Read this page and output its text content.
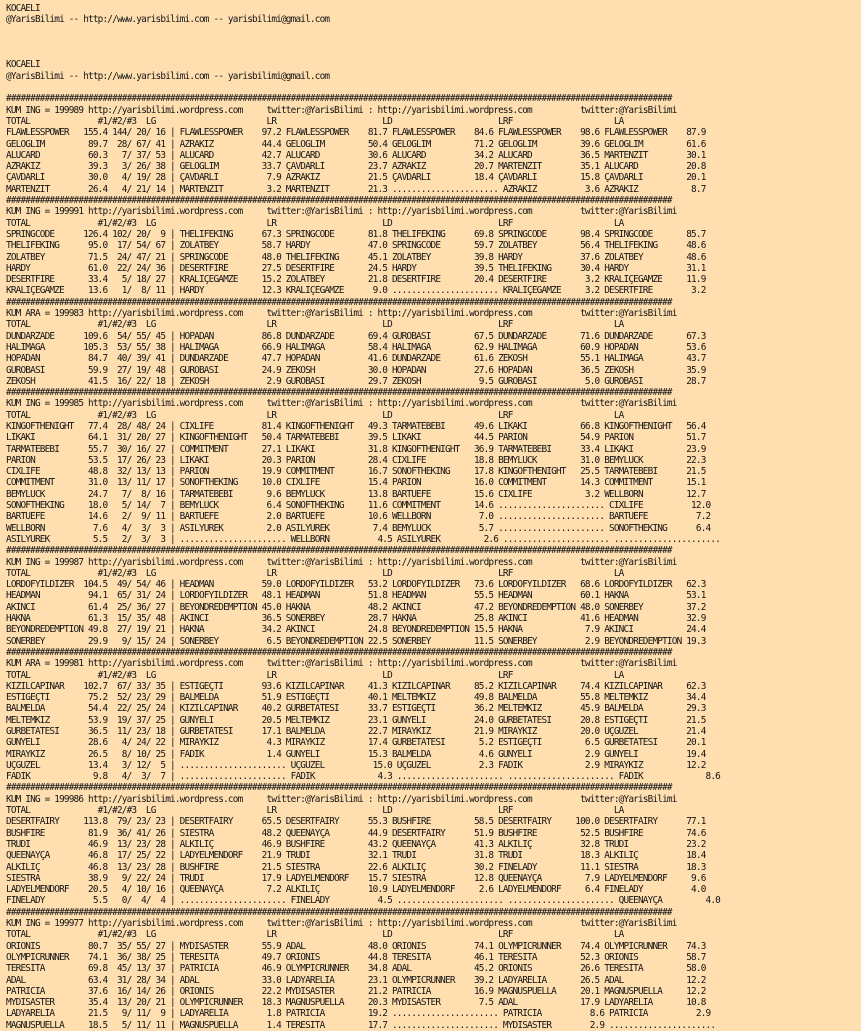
KOCAELI
@YarisBilimi -- http://www.yarisbilimi.com -- yarisbilimi@gmail.com

KOCAELI
@YarisBilimi -- http://www.yarisbilimi.com -- yarisbilimi@gmail.com

##########################################################################################################################################
KUM ING = 199989 http://yarisbilimi.wordpress.com     twitter:@YarisBilimi : http://yarisbilimi.wordpress.com          twitter:@YarisBilimi
TOTAL              #1/#2/#3  LG                       LR                      LD                      LRF                     LA
FLAWLESSPOWER   155.4 144/ 20/ 16 | FLAWLESSPOWER    97.2 FLAWLESSPOWER    81.7 FLAWLESSPOWER    84.6 FLAWLESSPOWER    98.6 FLAWLESSPOWER    87.9
GELOGLIM         89.7  28/ 67/ 41 | AZRAKIZ          44.4 GELOGLIM         50.4 GELOGLIM         71.2 GELOGLIM         39.6 GELOGLIM         61.6
ALUCARD          60.3   7/ 37/ 53 | ALUCARD          42.7 ALUCARD          30.6 ALUCARD          34.2 ALUCARD          36.5 MARTENZIT        30.1
AZRAKIZ          39.3   3/ 26/ 38 | GELOGLIM         33.7 ÇAVDARLI         23.7 AZRAKIZ          20.7 MARTENZIT        35.1 ALUCARD          20.8
ÇAVDARLI         30.0   4/ 19/ 28 | ÇAVDARLI          7.9 AZRAKIZ          21.5 ÇAVDARLI         18.4 ÇAVDARLI         15.8 ÇAVDARLI         20.1
MARTENZIT        26.4   4/ 21/ 14 | MARTENZIT         3.2 MARTENZIT        21.3 ...................... AZRAKIZ          3.6 AZRAKIZ           8.7
##########################################################################################################################################
KUM ING = 199991 http://yarisbilimi.wordpress.com     twitter:@YarisBilimi : http://yarisbilimi.wordpress.com          twitter:@YarisBilimi
TOTAL              #1/#2/#3  LG                       LR                      LD                      LRF                     LA
SPRINGCODE      126.4 102/ 20/  9 | THELIFEKING      67.3 SPRINGCODE       81.8 THELIFEKING      69.8 SPRINGCODE       98.4 SPRINGCODE       85.7
THELIFEKING      95.0  17/ 54/ 67 | ZOLATBEY         58.7 HARDY            47.0 SPRINGCODE       59.7 ZOLATBEY         56.4 THELIFEKING      48.6
ZOLATBEY         71.5  24/ 47/ 21 | SPRINGCODE       48.0 THELIFEKING      45.1 ZOLATBEY         39.8 HARDY            37.6 ZOLATBEY         48.6
HARDY            61.0  22/ 24/ 36 | DESERTFIRE       27.5 DESERTFIRE       24.5 HARDY            39.5 THELIFEKING      30.4 HARDY            31.1
DESERTFIRE       33.4   5/ 18/ 27 | KRALIÇEGAMZE     15.2 ZOLATBEY         21.8 DESERTFIRE       20.4 DESERTFIRE        3.2 KRALIÇEGAMZE     11.9
KRALIÇEGAMZE     13.6   1/  8/ 11 | HARDY            12.3 KRALIÇEGAMZE      9.0 ...................... KRALIÇEGAMZE     3.2 DESERTFIRE        3.2
##########################################################################################################################################
KUM ARA = 199983 http://yarisbilimi.wordpress.com     twitter:@YarisBilimi : http://yarisbilimi.wordpress.com          twitter:@YarisBilimi
TOTAL              #1/#2/#3  LG                       LR                      LD                      LRF                     LA
DÜNDARZADE      109.6  54/ 55/ 45 | HOPADAN          86.8 DÜNDARZADE       69.4 GÜROBASI         67.5 DÜNDARZADE       71.6 DÜNDARZADE       67.3
HALIMAGA        105.3  53/ 55/ 38 | HALIMAGA         66.9 HALIMAGA         58.4 HALIMAGA         62.9 HALIMAGA         60.9 HOPADAN          53.6
HOPADAN          84.7  40/ 39/ 41 | DÜNDARZADE       47.7 HOPADAN          41.6 DÜNDARZADE       61.6 ZEKOSH           55.1 HALIMAGA         43.7
GÜROBASI         59.9  27/ 19/ 48 | GÜROBASI         24.9 ZEKOSH           30.0 HOPADAN          27.6 HOPADAN          36.5 ZEKOSH           35.9
ZEKOSH           41.5  16/ 22/ 18 | ZEKOSH            2.9 GÜROBASI         29.7 ZEKOSH            9.5 GÜROBASI          5.0 GÜROBASI         28.7
##########################################################################################################################################
KUM ING = 199985 http://yarisbilimi.wordpress.com     twitter:@YarisBilimi : http://yarisbilimi.wordpress.com          twitter:@YarisBilimi
TOTAL              #1/#2/#3  LG                       LR                      LD                      LRF                     LA
KINGOFTHENIGHT   77.4  28/ 48/ 24 | CIXLIFE          81.4 KINGOFTHENIGHT   49.3 TARMATEBEBI      49.6 LIKAKI           66.8 KINGOFTHENIGHT   56.4
LIKAKI           64.1  31/ 20/ 27 | KINGOFTHENIGHT   50.4 TARMATEBEBI      39.5 LIKAKI           44.5 PARION           54.9 PARION           51.7
TARMATEBEBI      55.7  30/ 16/ 27 | COMMITMENT       27.1 LIKAKI           31.8 KINGOFTHENIGHT   36.9 TARMATEBEBI      33.4 LIKAKI           23.9
PARION           53.5  17/ 26/ 23 | LIKAKI           20.3 PARION           28.4 CIXLIFE          18.8 BEMYLUCK         31.0 BEMYLUCK         22.3
CIXLIFE          48.8  32/ 13/ 13 | PARION           19.9 COMMITMENT       16.7 SONOFTHEKING     17.8 KINGOFTHENIGHT   25.5 TARMATEBEBI      21.5
COMMITMENT       31.0  13/ 11/ 17 | SONOFTHEKING     10.0 CIXLIFE          15.4 PARION           16.0 COMMITMENT       14.3 COMMITMENT       15.1
BEMYLUCK         24.7   7/  8/ 16 | TARMATEBEBI       9.6 BEMYLUCK         13.8 BARTUEFE         15.6 CIXLIFE           3.2 WELLBORN         12.7
SONOFTHEKING     18.0   5/ 14/  7 | BEMYLUCK          6.4 SONOFTHEKING     11.6 COMMITMENT       14.6 ...................... CIXLIFE          12.0
BARTUEFE         14.6   2/  9/ 11 | BARTUEFE          2.0 BARTUEFE         10.6 WELLBORN          7.0 ...................... BARTUEFE          7.2
WELLBORN          7.6   4/  3/  3 | ASILYÜREK         2.0 ASILYÜREK         7.4 BEMYLUCK          5.7 ...................... SONOFTHEKING      6.4
ASILYÜREK         5.5   2/  3/  3 | ...................... WELLBORN          4.5 ASILYÜREK         2.6 ...................... ......................
##########################################################################################################################################
KUM ING = 199987 http://yarisbilimi.wordpress.com     twitter:@YarisBilimi : http://yarisbilimi.wordpress.com          twitter:@YarisBilimi
TOTAL              #1/#2/#3  LG                       LR                      LD                      LRF                     LA
LORDOFYILDIZER  104.5  49/ 54/ 46 | HEADMAN          59.0 LORDOFYILDIZER   53.2 LORDOFYILDIZER   73.6 LORDOFYILDIZER   68.6 LORDOFYILDIZER   62.3
HEADMAN          94.1  65/ 31/ 24 | LORDOFYILDIZER   48.1 HEADMAN          51.8 HEADMAN          55.5 HEADMAN          60.1 HAKNA            53.1
AKINCI           61.4  25/ 36/ 27 | BEYONDREDEMPTION 45.0 HAKNA            48.2 AKINCI           47.2 BEYONDREDEMPTION 48.0 SONERBEY         37.2
HAKNA            61.3  15/ 35/ 48 | AKINCI           36.5 SONERBEY         28.7 HAKNA            25.8 AKINCI           41.6 HEADMAN          32.9
BEYONDREDEMPTION 49.8  27/ 19/ 21 | HAKNA            34.2 AKINCI           24.8 BEYONDREDEMPTION 15.5 HAKNA             7.9 AKINCI           24.4
SONERBEY         29.9   9/ 15/ 24 | SONERBEY          6.5 BEYONDREDEMPTION 22.5 SONERBEY         11.5 SONERBEY          2.9 BEYONDREDEMPTION 19.3
##########################################################################################################################################
KUM ARA = 199981 http://yarisbilimi.wordpress.com     twitter:@YarisBilimi : http://yarisbilimi.wordpress.com          twitter:@YarisBilimi
TOTAL              #1/#2/#3  LG                       LR                      LD                      LRF                     LA
KIZILCAPINAR    102.7  67/ 33/ 35 | ESTIGEÇTI        93.6 KIZILCAPINAR     41.3 KIZILCAPINAR     85.2 KIZILCAPINAR     74.4 KIZILCAPINAR     62.3
ESTIGEÇTI        75.2  52/ 23/ 29 | BALMELDA         51.9 ESTIGEÇTI        40.1 MELTEMKIZ        49.8 BALMELDA         55.8 MELTEMKIZ        34.4
BALMELDA         54.4  22/ 25/ 24 | KIZILCAPINAR     40.2 GURBETATESI      33.7 ESTIGEÇTI        36.2 MELTEMKIZ        45.9 BALMELDA         29.3
MELTEMKIZ        53.9  19/ 37/ 25 | GÜNYELI          20.5 MELTEMKIZ        23.1 GÜNYELI          24.0 GURBETATESI      20.8 ESTIGEÇTI        21.5
GURBETATESI      36.5  11/ 23/ 18 | GURBETATESI      17.1 BALMELDA         22.7 MIRAYKIZ         21.9 MIRAYKIZ         20.0 ÜÇGÜZEL          21.4
GÜNYELI          28.6   4/ 24/ 22 | MIRAYKIZ          4.3 MIRAYKIZ         17.4 GURBETATESI       5.2 ESTIGEÇTI         6.5 GURBETATESI      20.1
MIRAYKIZ         26.5   8/ 10/ 25 | FADIK             1.4 GÜNYELI          15.3 BALMELDA          4.6 GÜNYELI           2.9 GÜNYELI          19.4
ÜÇGÜZEL          13.4   3/ 12/  5 | ...................... ÜÇGÜZEL          15.0 ÜÇGÜZEL          2.3 FADIK             2.9 MIRAYKIZ         12.2
FADIK             9.8   4/  3/  7 | ...................... FADIK             4.3 ...................... ...................... FADIK             8.6
##########################################################################################################################################
KUM ING = 199986 http://yarisbilimi.wordpress.com     twitter:@YarisBilimi : http://yarisbilimi.wordpress.com          twitter:@YarisBilimi
TOTAL              #1/#2/#3  LG                       LR                      LD                      LRF                     LA
DESERTFAIRY     113.8  79/ 23/ 23 | DESERTFAIRY      65.5 DESERTFAIRY      55.3 BUSHFIRE         58.5 DESERTFAIRY     100.0 DESERTFAIRY      77.1
BUSHFIRE         81.9  36/ 41/ 26 | SIESTRA          48.2 QUEENAYÇA        44.9 DESERTFAIRY      51.9 BUSHFIRE         52.5 BUSHFIRE         74.6
TRUDI            46.9  13/ 23/ 28 | ALKILIÇ          46.9 BUSHFIRE         43.2 QUEENAYÇA        41.3 ALKILIÇ          32.8 TRUDI            23.2
QUEENAYÇA        46.8  17/ 25/ 22 | LADYELMENDORF    21.9 TRUDI            32.1 TRUDI            31.8 TRUDI            18.3 ALKILIÇ          18.4
ALKILIÇ          46.8  13/ 23/ 28 | BUSHFIRE         21.5 SIESTRA          22.6 ALKILIÇ          30.2 FINELADY         11.1 SIESTRA          18.3
SIESTRA          38.9   9/ 22/ 24 | TRUDI            17.9 LADYELMENDORF    15.7 SIESTRA          12.8 QUEENAYÇA         7.9 LADYELMENDORF     9.6
LADYELMENDORF    20.5   4/ 10/ 16 | QUEENAYÇA         7.2 ALKILIÇ          10.9 LADYELMENDORF     2.6 LADYELMENDORF     6.4 FINELADY          4.0
FINELADY          5.5   0/  4/  4 | ...................... FINELADY          4.5 ...................... ...................... QUEENAYÇA         4.0
##########################################################################################################################################
KUM ING = 199977 http://yarisbilimi.wordpress.com     twitter:@YarisBilimi : http://yarisbilimi.wordpress.com          twitter:@YarisBilimi
TOTAL              #1/#2/#3  LG                       LR                      LD                      LRF                     LA
ORIONIS          80.7  35/ 55/ 27 | MYDISASTER       55.9 ADAL             48.0 ORIONIS          74.1 OLYMPICRUNNER    74.4 OLYMPICRUNNER    74.3
OLYMPICRUNNER    74.1  36/ 38/ 25 | TERESITA         49.7 ORIONIS          44.8 TERESITA         46.1 TERESITA         52.3 ORIONIS          58.7
TERESITA         69.8  45/ 13/ 37 | PATRICIA         46.9 OLYMPICRUNNER    34.8 ADAL             45.2 ORIONIS          26.6 TERESITA         58.0
ADAL             63.4  31/ 28/ 34 | ADAL             33.0 LADYARELIA       23.1 OLYMPICRUNNER    39.2 LADYARELIA       26.5 ADAL             12.2
PATRICIA         37.6  16/ 14/ 26 | ORIONIS          22.2 MYDISASTER       21.2 PATRICIA         16.9 MAGNUSPUELLA     20.1 MAGNUSPUELLA     12.2
MYDISASTER       35.4  13/ 20/ 21 | OLYMPICRUNNER    18.3 MAGNUSPUELLA     20.3 MYDISASTER        7.5 ADAL             17.9 LADYARELIA       10.8
LADYARELIA       21.5   9/ 11/  9 | LADYARELIA        1.8 PATRICIA         19.2 ...................... PATRICIA          8.6 PATRICIA          2.9
MAGNUSPUELLA     18.5   5/ 11/ 11 | MAGNUSPUELLA      1.4 TERESITA         17.7 ...................... MYDISASTER        2.9 ......................
